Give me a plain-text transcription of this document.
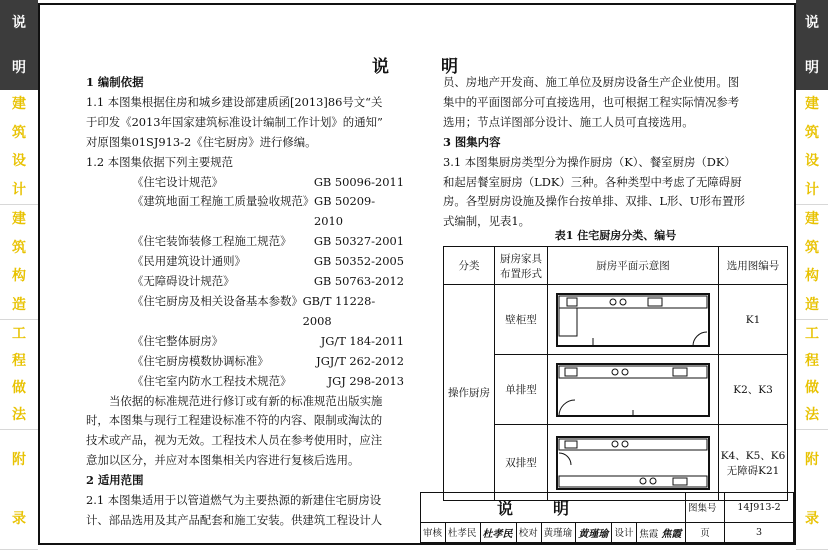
说
明
建
筑
设
计
建
筑
构
造
工
程
做
法
附
录
说
明
建
筑
设
计
建
筑
构
造
工
程
做
法
附
录
说明

1 编制依据

1.1 本图集根据住房和城乡建设部建质函[2013]86号文“关

于印发《2013年国家建筑标准设计编制工作计划》的通知”

对原图集01SJ913-2《住宅厨房》进行修编。

1.2 本图集依据下列主要规范

《住宅设计规范》	GB 50096-2011

《建筑地面工程施工质量验收规范》 GB 50209-2010

《住宅装饰装修工程施工规范》 GB 50327-2001

《民用建筑设计通则》	GB 50352-2005

《无障碍设计规范》	GB 50763-2012

《住宅厨房及相关设备基本参数》 GB/T 11228-2008

《住宅整体厨房》	JG/T 184-2011

《住宅厨房模数协调标准》	JGJ/T 262-2012

《住宅室内防水工程技术规范》	JGJ 298-2013

当依据的标准规范进行修订或有新的标准规范出版实施

时，本图集与现行工程建设标准不符的内容、限制或淘汰的

技术或产品，视为无效。工程技术人员在参考使用时，应注

意加以区分，并应对本图集相关内容进行复核后选用。

2 适用范围

2.1 本图集适用于以管道燃气为主要热源的新建住宅厨房设

计、部品选用及其产品配套和施工安装。供建筑工程设计人

员、房地产开发商、施工单位及厨房设备生产企业使用。图

集中的平面图部分可直接选用，也可根据工程实际情况参考

选用；节点详图部分设计、施工人员可直接选用。

3 图集内容

3.1 本图集厨房类型分为操作厨房（K）、餐室厨房（DK）

和起居餐室厨房（LDK）三种。各种类型中考虑了无障碍厨

房。各型厨房设施及操作台按单排、双排、L形、U形布置形

式编制，见表1。

表1 住宅厨房分类、编号
分类	厨房家具布置形式	厨房平面示意图	选用图编号
操作厨房	壁柜型		K1
	单排型		K2、K3
	双排型		K4、K5、K6
无障碍K21
说明								图集号	14J913-2
审核	杜孝民	杜孝民	校对	黄瑾瑜	黄瑾瑜	设计	焦霞 焦霞	页	3
